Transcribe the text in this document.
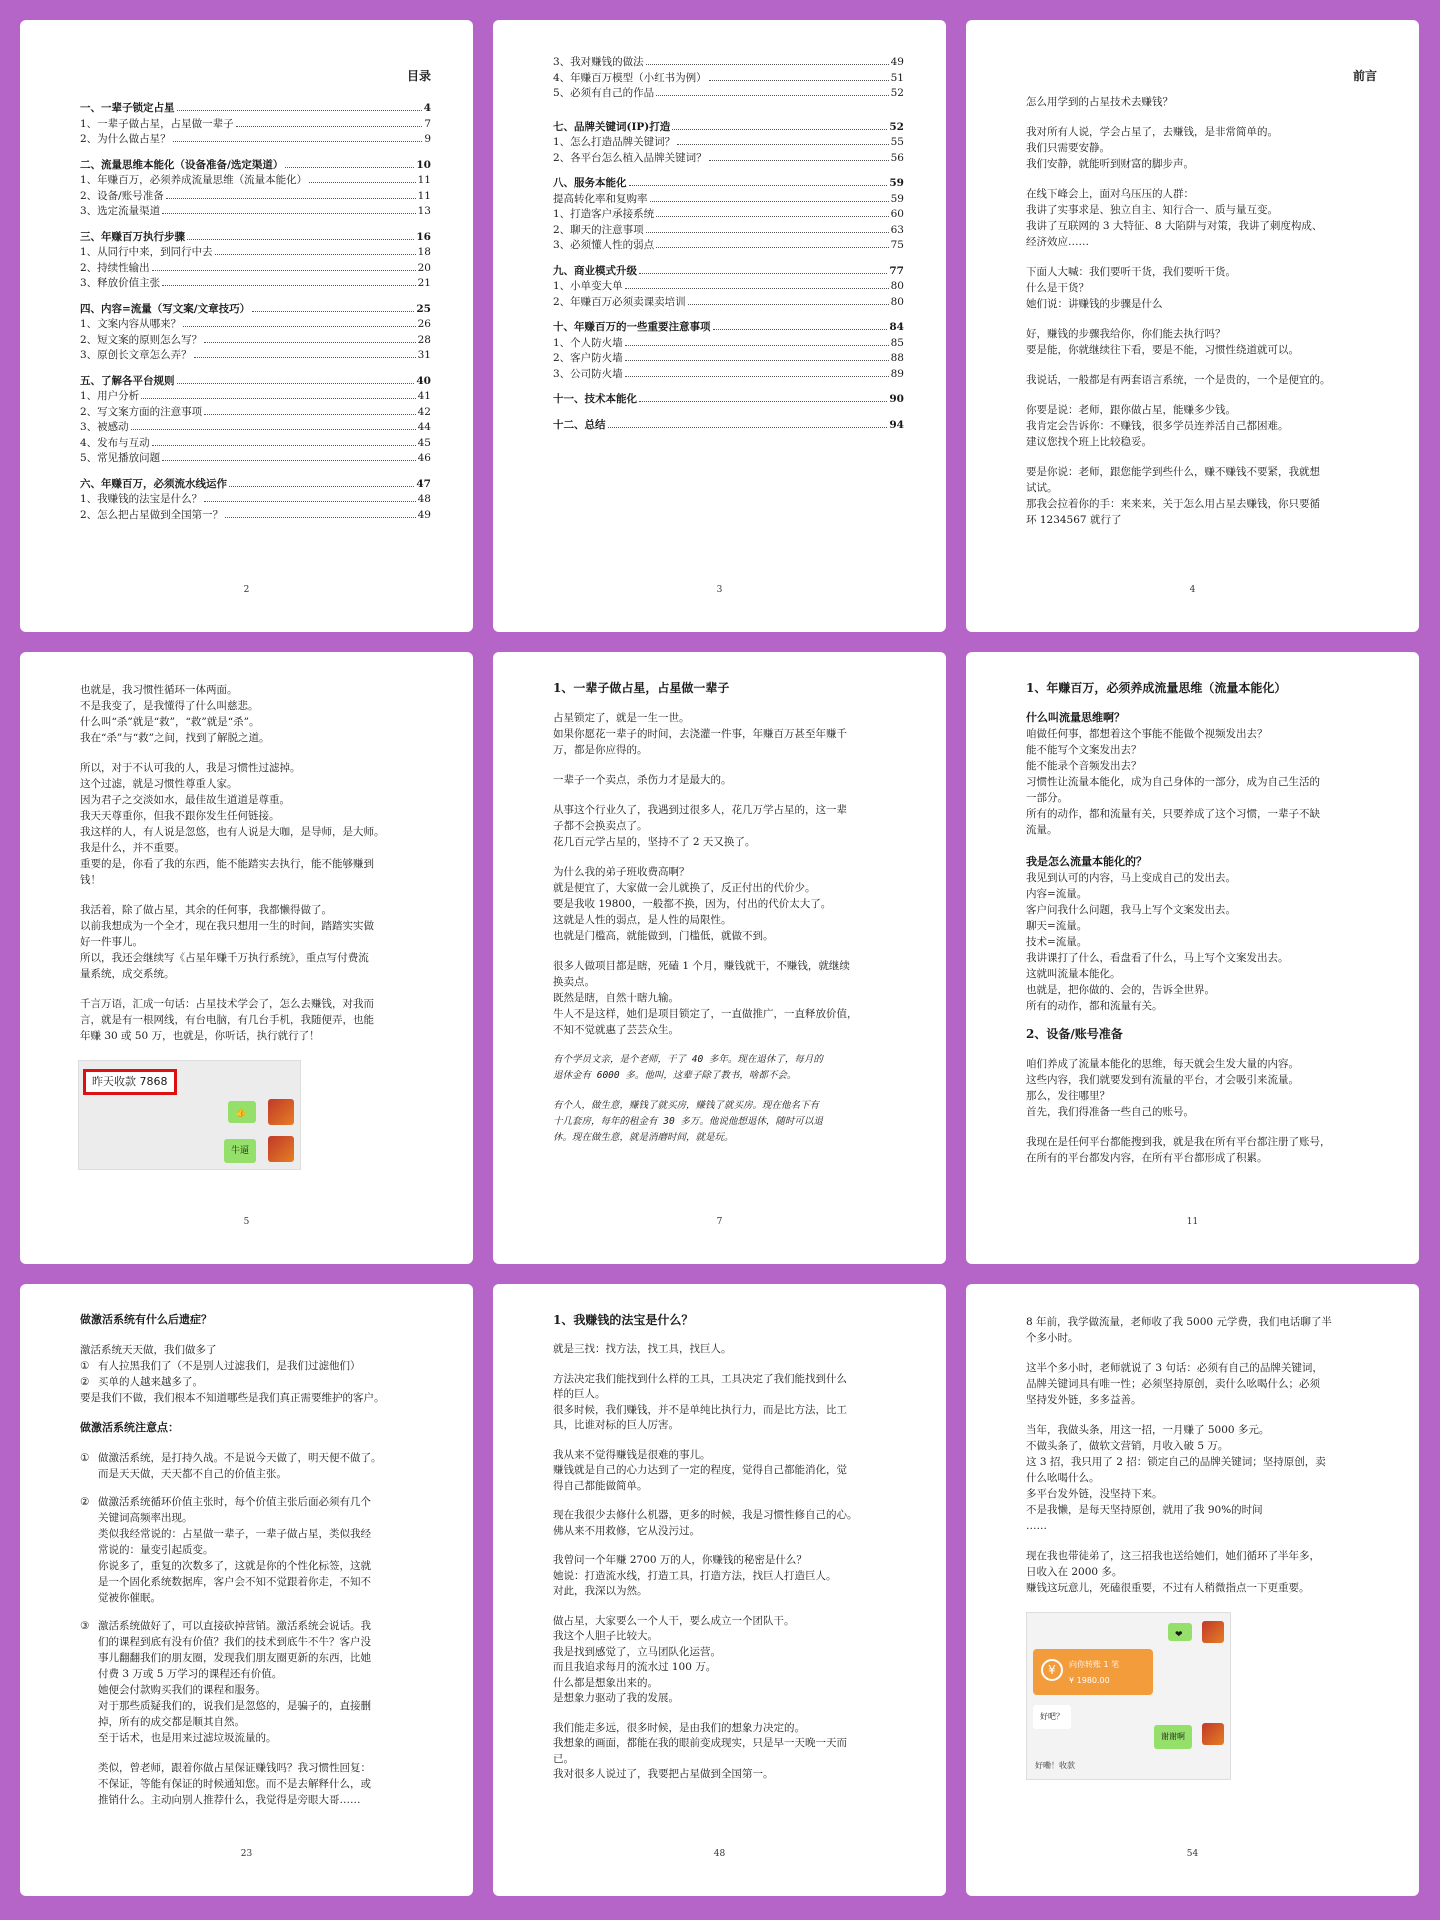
目录
一、一辈子锁定占星	4
1、一辈子做占星，占星做一辈子	7
2、为什么做占星？	9
二、流量思维本能化（设备准备/选定渠道）	10
1、年赚百万，必须养成流量思维（流量本能化）	11
2、设备/账号准备	11
3、选定流量渠道	13
三、年赚百万执行步骤	16
1、从同行中来，到同行中去	18
2、持续性输出	20
3、释放价值主张	21
四、内容=流量（写文案/文章技巧）	25
1、文案内容从哪来？	26
2、短文案的原则怎么写？	28
3、原创长文章怎么弄？	31
五、了解各平台规则	40
1、用户分析	41
2、写文案方面的注意事项	42
3、被感动	44
4、发布与互动	45
5、常见播放问题	46
六、年赚百万，必须流水线运作	47
1、我赚钱的法宝是什么？	48
2、怎么把占星做到全国第一？	49
2
3、我对赚钱的做法	49
4、年赚百万模型（小红书为例）	51
5、必须有自己的作品	52
七、品牌关键词(IP)打造	52
1、怎么打造品牌关键词？	55
2、各平台怎么植入品牌关键词？	56
八、服务本能化	59
提高转化率和复购率	59
1、打造客户承接系统	60
2、聊天的注意事项	63
3、必须懂人性的弱点	75
九、商业模式升级	77
1、小单变大单	80
2、年赚百万必须卖课卖培训	80
十、年赚百万的一些重要注意事项	84
1、个人防火墙	85
2、客户防火墙	88
3、公司防火墙	89
十一、技术本能化	90
十二、总结	94
3
前言
怎么用学到的占星技术去赚钱？
我对所有人说，学会占星了，去赚钱，是非常简单的。
我们只需要安静。
我们安静，就能听到财富的脚步声。
在线下峰会上，面对乌压压的人群：
我讲了实事求是、独立自主、知行合一、质与量互变。
我讲了互联网的 3 大特征、8 大陷阱与对策，我讲了刺度构成、
经济效应……
下面人大喊：我们要听干货，我们要听干货。
什么是干货？
她们说：讲赚钱的步骤是什么
好，赚钱的步骤我给你，你们能去执行吗？
要是能，你就继续往下看，要是不能，习惯性绕道就可以。
我说话，一般都是有两套语言系统，一个是贵的，一个是便宜的。
你要是说：老师，跟你做占星，能赚多少钱。
我肯定会告诉你：不赚钱，很多学员连养活自己都困难。
建议您找个班上比较稳妥。
要是你说：老师，跟您能学到些什么，赚不赚钱不要紧，我就想
试试。
那我会拉着你的手：来来来，关于怎么用占星去赚钱，你只要循
环 1234567 就行了
4
也就是，我习惯性循环一体两面。
不是我变了，是我懂得了什么叫慈悲。
什么叫“杀”就是“救”，“救”就是“杀”。
我在“杀”与“救”之间，找到了解脱之道。
所以，对于不认可我的人，我是习惯性过滤掉。
这个过滤，就是习惯性尊重人家。
因为君子之交淡如水，最佳故生道道是尊重。
我天天尊重你，但我不跟你发生任何链接。
我这样的人，有人说是忽悠，也有人说是大咖，是导师，是大师。
我是什么，并不重要。
重要的是，你看了我的东西，能不能踏实去执行，能不能够赚到
钱！
我活着，除了做占星，其余的任何事，我都懒得做了。
以前我想成为一个全才，现在我只想用一生的时间，踏踏实实做
好一件事儿。
所以，我还会继续写《占星年赚千万执行系统》，重点写付费流
量系统，成交系统。
千言万语，汇成一句话：占星技术学会了，怎么去赚钱，对我而
言，就是有一根网线，有台电脑，有几台手机，我随便弄，也能
年赚 30 或 50 万，也就是，你听话，执行就行了！
昨天收款 7868
👍
牛逼
5
1、一辈子做占星，占星做一辈子
占星锁定了，就是一生一世。
如果你愿花一辈子的时间，去浇灌一件事，年赚百万甚至年赚千
万，都是你应得的。
一辈子一个卖点，杀伤力才是最大的。
从事这个行业久了，我遇到过很多人，花几万学占星的，这一辈
子都不会换卖点了。
花几百元学占星的，坚持不了 2 天又换了。
为什么我的弟子班收费高啊？
就是便宜了，大家做一会儿就换了，反正付出的代价少。
要是我收 19800，一般都不换，因为，付出的代价太大了。
这就是人性的弱点，是人性的局限性。
也就是门槛高，就能做到，门槛低，就做不到。
很多人做项目都是瞎，死磕 1 个月，赚钱就干，不赚钱，就继续
换卖点。
既然是瞎，自然十瞎九输。
牛人不是这样，她们是项目锁定了，一直做推广，一直释放价值，
不知不觉就惠了芸芸众生。
有个学员文亲，是个老师，干了 40 多年。现在退休了，每月的
退休金有 6000 多。他叫，这辈子除了教书，啥都不会。
有个人，做生意，赚钱了就买房，赚钱了就买房。现在他名下有
十几套房，每年的租金有 30 多万。他说他想退休，随时可以退
休。现在做生意，就是消磨时间，就是玩。
7
1、年赚百万，必须养成流量思维（流量本能化）
什么叫流量思维啊？
咱做任何事，都想着这个事能不能做个视频发出去？
能不能写个文案发出去？
能不能录个音频发出去？
习惯性让流量本能化，成为自己身体的一部分，成为自己生活的
一部分。
所有的动作，都和流量有关，只要养成了这个习惯，一辈子不缺
流量。
我是怎么流量本能化的？
我见到认可的内容，马上变成自己的发出去。
内容=流量。
客户问我什么问题，我马上写个文案发出去。
聊天=流量。
技术=流量。
我讲课打了什么，看盘看了什么，马上写个文案发出去。
这就叫流量本能化。
也就是，把你做的、会的，告诉全世界。
所有的动作，都和流量有关。
2、设备/账号准备
咱们养成了流量本能化的思维，每天就会生发大量的内容。
这些内容，我们就要发到有流量的平台，才会吸引来流量。
那么，发往哪里？
首先，我们得准备一些自己的账号。
我现在是任何平台都能搜到我，就是我在所有平台都注册了账号，
在所有的平台都发内容，在所有平台都形成了积累。
11
做激活系统有什么后遗症？
激活系统天天做，我们做多了
① 有人拉黑我们了（不是别人过滤我们，是我们过滤他们）
② 买单的人越来越多了。
要是我们不做，我们根本不知道哪些是我们真正需要维护的客户。
做激活系统注意点：
① 做激活系统，是打持久战。不是说今天做了，明天便不做了。
而是天天做，天天都不自己的价值主张。
② 做激活系统循环价值主张时，每个价值主张后面必须有几个
关键词高频率出现。
类似我经常说的：占星做一辈子，一辈子做占星，类似我经
常说的：量变引起质变。
你说多了，重复的次数多了，这就是你的个性化标签，这就
是一个固化系统数据库，客户会不知不觉跟着你走，不知不
觉被你催眠。
③ 激活系统做好了，可以直接砍掉营销。激活系统会说话。我
们的课程到底有没有价值？我们的技术到底牛不牛？客户没
事儿翻翻我们的朋友圈，发现我们朋友圈更新的东西，比她
付费 3 万或 5 万学习的课程还有价值。
她便会付款购买我们的课程和服务。
对于那些质疑我们的，说我们是忽悠的，是骗子的，直接删
掉，所有的成交都是顺其自然。
至于话术，也是用来过滤垃圾流量的。
类似，曾老师，跟着你做占星保证赚钱吗？我习惯性回复：
不保证，等能有保证的时候通知您。而不是去解释什么，或
推销什么。主动向别人推荐什么，我觉得是旁眼大哥……
23
1、我赚钱的法宝是什么？
就是三找：找方法，找工具，找巨人。
方法决定我们能找到什么样的工具，工具决定了我们能找到什么
样的巨人。
很多时候，我们赚钱，并不是单纯比执行力，而是比方法，比工
具，比谁对标的巨人厉害。
我从来不觉得赚钱是很难的事儿。
赚钱就是自己的心力达到了一定的程度，觉得自己都能消化，觉
得自己都能做简单。
现在我很少去修什么机器，更多的时候，我是习惯性修自己的心。
佛从来不用救修，它从没污过。
我曾问一个年赚 2700 万的人，你赚钱的秘密是什么？
她说：打造流水线，打造工具，打造方法，找巨人打造巨人。
对此，我深以为然。
做占星，大家要么一个人干，要么成立一个团队干。
我这个人胆子比较大。
我是找到感觉了，立马团队化运营。
而且我追求每月的流水过 100 万。
什么都是想象出来的。
是想象力驱动了我的发展。
我们能走多远，很多时候，是由我们的想象力决定的。
我想象的画面，都能在我的眼前变成现实，只是早一天晚一天而
已。
我对很多人说过了，我要把占星做到全国第一。
48
8 年前，我学做流量，老师收了我 5000 元学费，我们电话聊了半
个多小时。
这半个多小时，老师就说了 3 句话：必须有自己的品牌关键词，
品牌关键词具有唯一性；必须坚持原创，卖什么吆喝什么；必须
坚持发外链，多多益善。
当年，我做头条，用这一招，一月赚了 5000 多元。
不做头条了，做软文营销，月收入破 5 万。
这 3 招，我只用了 2 招：锁定自己的品牌关键词；坚持原创，卖
什么吆喝什么。
多平台发外链，没坚持下来。
不是我懒，是每天坚持原创，就用了我 90%的时间
……
现在我也带徒弟了，这三招我也送给她们，她们循环了半年多，
日收入在 2000 多。
赚钱这玩意儿，死磕很重要，不过有人稍微指点一下更重要。
❤
¥	向你转账 1 笔
¥ 1980.00
好吧？
谢谢啊
好嘞！收款
54
